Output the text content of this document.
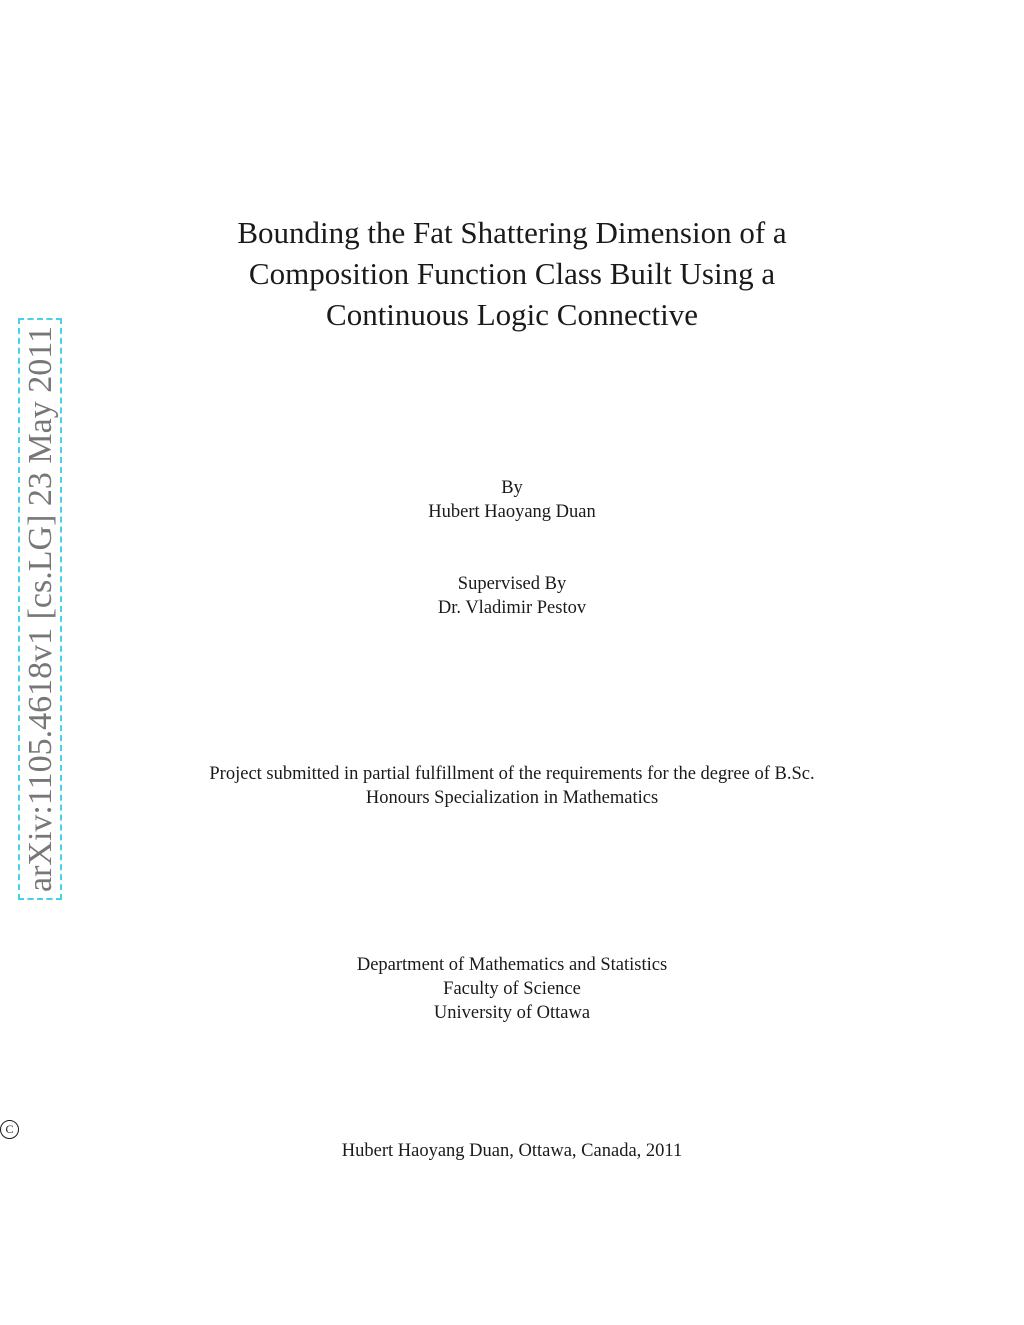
arXiv:1105.4618v1 [cs.LG] 23 May 2011
Bounding the Fat Shattering Dimension of a
Composition Function Class Built Using a
Continuous Logic Connective
By
Hubert Haoyang Duan
Supervised By
Dr. Vladimir Pestov
Project submitted in partial fulfillment of the requirements for the degree of B.Sc.
Honours Specialization in Mathematics
Department of Mathematics and Statistics
Faculty of Science
University of Ottawa
C
Hubert Haoyang Duan, Ottawa, Canada, 2011
